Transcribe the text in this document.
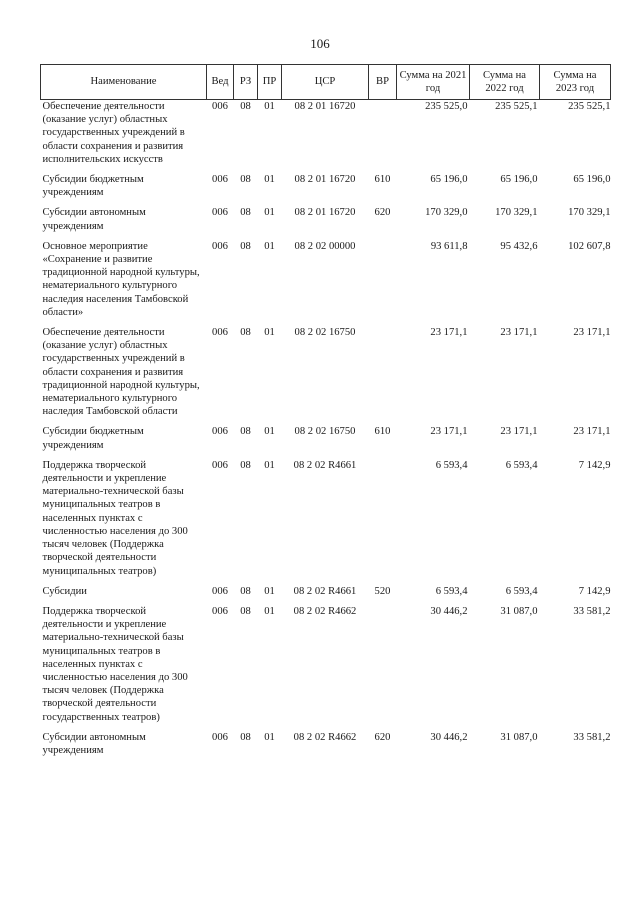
106
Наименование	Вед	РЗ	ПР	ЦСР	ВР	Сумма на 2021 год	Сумма на 2022 год	Сумма на 2023 год
Обеспечение деятельности (оказание услуг) областных государственных учреждений в области сохранения и развития исполнительских искусств	006	08	01	08 2 01 16720		235 525,0	235 525,1	235 525,1
Субсидии бюджетным учреждениям	006	08	01	08 2 01 16720	610	65 196,0	65 196,0	65 196,0
Субсидии автономным учреждениям	006	08	01	08 2 01 16720	620	170 329,0	170 329,1	170 329,1
Основное мероприятие «Сохранение и развитие традиционной народной культуры, нематериального культурного наследия населения Тамбовской области»	006	08	01	08 2 02 00000		93 611,8	95 432,6	102 607,8
Обеспечение деятельности (оказание услуг) областных государственных учреждений в области сохранения и развития традиционной народной культуры, нематериального культурного наследия Тамбовской области	006	08	01	08 2 02 16750		23 171,1	23 171,1	23 171,1
Субсидии бюджетным учреждениям	006	08	01	08 2 02 16750	610	23 171,1	23 171,1	23 171,1
Поддержка творческой деятельности и укрепление материально-технической базы муниципальных театров в населенных пунктах с численностью населения до 300 тысяч человек (Поддержка творческой деятельности муниципальных театров)	006	08	01	08 2 02 R4661		6 593,4	6 593,4	7 142,9
Субсидии	006	08	01	08 2 02 R4661	520	6 593,4	6 593,4	7 142,9
Поддержка творческой деятельности и укрепление материально-технической базы муниципальных театров в населенных пунктах с численностью населения до 300 тысяч человек (Поддержка творческой деятельности государственных театров)	006	08	01	08 2 02 R4662		30 446,2	31 087,0	33 581,2
Субсидии автономным учреждениям	006	08	01	08 2 02 R4662	620	30 446,2	31 087,0	33 581,2
